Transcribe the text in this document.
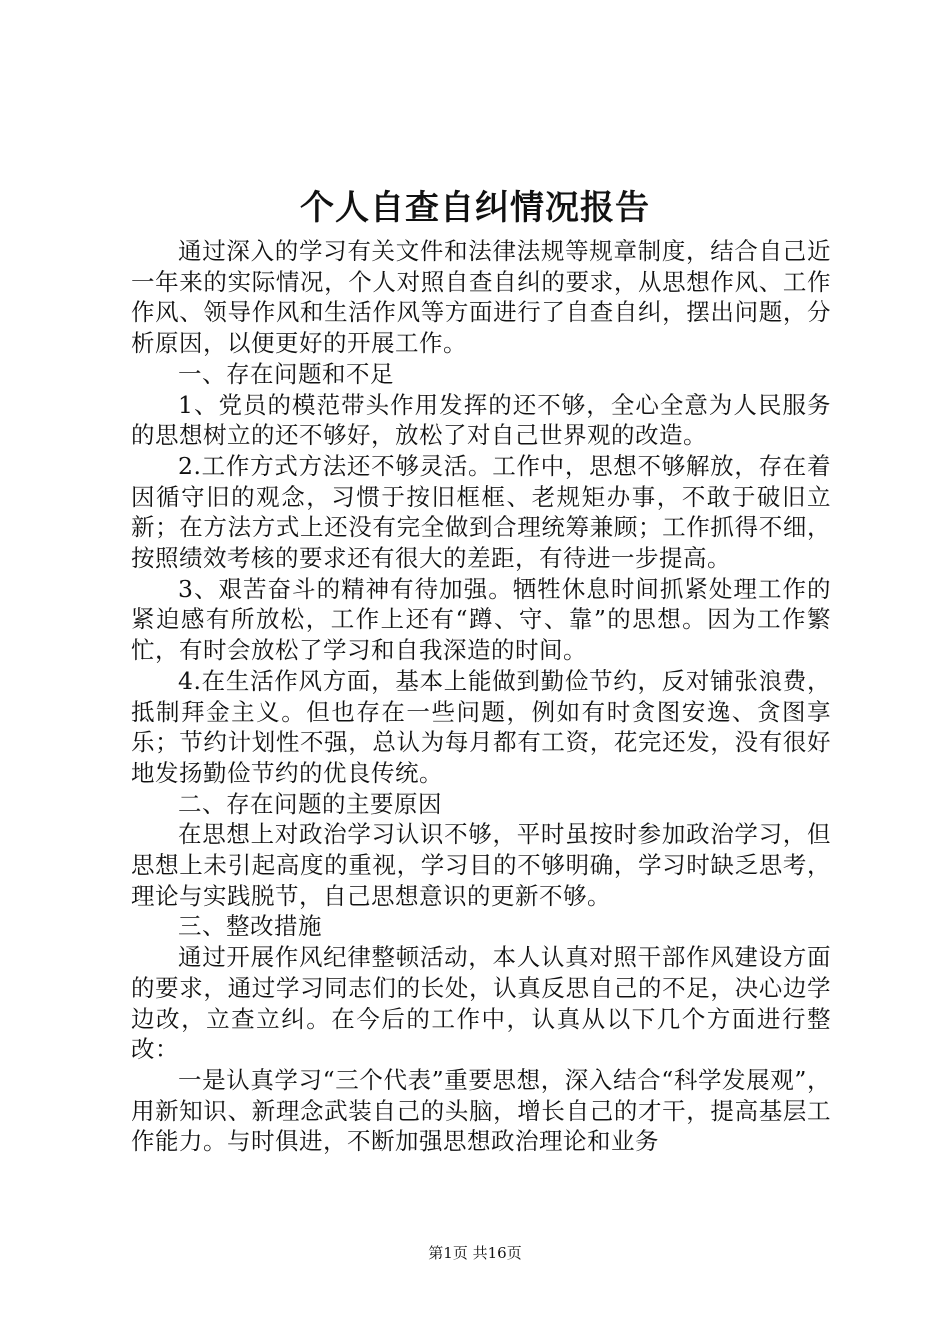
个人自查自纠情况报告

通过深入的学习有关文件和法律法规等规章制度，结合自己近一年来的实际情况，个人对照自查自纠的要求，从思想作风、工作作风、领导作风和生活作风等方面进行了自查自纠，摆出问题，分析原因，以便更好的开展工作。

一、存在问题和不足

1、党员的模范带头作用发挥的还不够，全心全意为人民服务的思想树立的还不够好，放松了对自己世界观的改造。

2.工作方式方法还不够灵活。工作中，思想不够解放，存在着因循守旧的观念，习惯于按旧框框、老规矩办事，不敢于破旧立新；在方法方式上还没有完全做到合理统筹兼顾；工作抓得不细，按照绩效考核的要求还有很大的差距，有待进一步提高。

3、艰苦奋斗的精神有待加强。牺牲休息时间抓紧处理工作的紧迫感有所放松，工作上还有“蹲、守、靠”的思想。因为工作繁忙，有时会放松了学习和自我深造的时间。

4.在生活作风方面，基本上能做到勤俭节约，反对铺张浪费，抵制拜金主义。但也存在一些问题，例如有时贪图安逸、贪图享乐；节约计划性不强，总认为每月都有工资，花完还发，没有很好地发扬勤俭节约的优良传统。

二、存在问题的主要原因

在思想上对政治学习认识不够，平时虽按时参加政治学习，但思想上未引起高度的重视，学习目的不够明确，学习时缺乏思考，理论与实践脱节，自己思想意识的更新不够。

三、整改措施

通过开展作风纪律整顿活动，本人认真对照干部作风建设方面的要求，通过学习同志们的长处，认真反思自己的不足，决心边学边改，立查立纠。在今后的工作中，认真从以下几个方面进行整改：

一是认真学习“三个代表”重要思想，深入结合“科学发展观”，用新知识、新理念武装自己的头脑，增长自己的才干，提高基层工作能力。与时俱进，不断加强思想政治理论和业务

第1页 共16页
